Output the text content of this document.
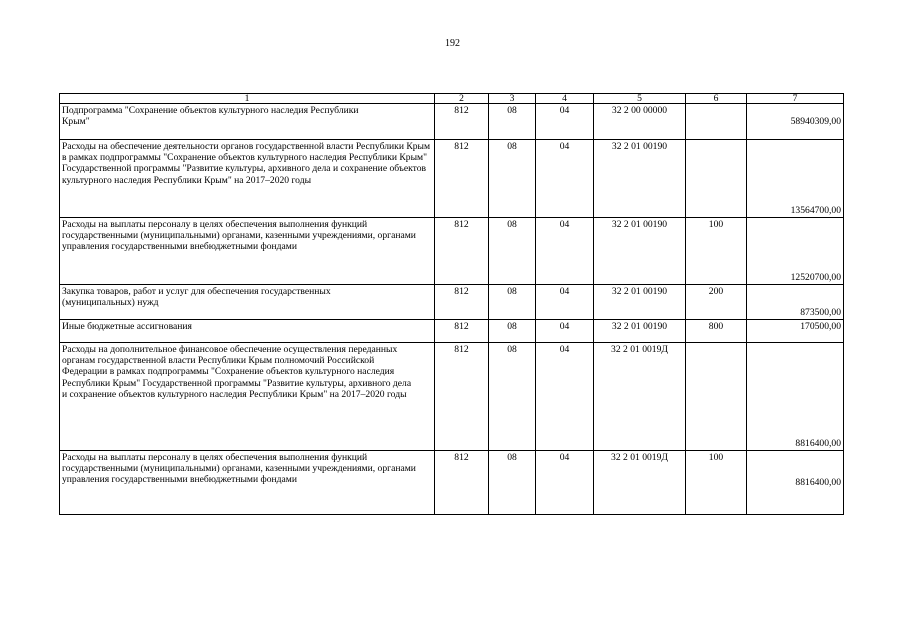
192
1	2	3	4	5	6	7
Подпрограмма "Сохранение объектов культурного наследия Республики Крым"	812	08	04	32 2 00 00000		58940309,00
Расходы на обеспечение деятельности органов государственной власти Республики Крым в рамках подпрограммы "Сохранение объектов культурного наследия Республики Крым" Государственной программы "Развитие культуры, архивного дела и сохранение объектов культурного наследия Республики Крым" на 2017–2020 годы	812	08	04	32 2 01 00190		13564700,00
Расходы на выплаты персоналу в целях обеспечения выполнения функций государственными (муниципальными) органами, казенными учреждениями, органами управления государственными внебюджетными фондами	812	08	04	32 2 01 00190	100	12520700,00
Закупка товаров, работ и услуг для обеспечения государственных (муниципальных) нужд	812	08	04	32 2 01 00190	200	873500,00
Иные бюджетные ассигнования	812	08	04	32 2 01 00190	800	170500,00
Расходы на дополнительное финансовое обеспечение осуществления переданных органам государственной власти Республики Крым полномочий Российской Федерации в рамках подпрограммы "Сохранение объектов культурного наследия Республики Крым" Государственной программы "Развитие культуры, архивного дела и сохранение объектов культурного наследия Республики Крым" на 2017–2020 годы	812	08	04	32 2 01 0019Д		8816400,00
Расходы на выплаты персоналу в целях обеспечения выполнения функций государственными (муниципальными) органами, казенными учреждениями, органами управления государственными внебюджетными фондами	812	08	04	32 2 01 0019Д	100	8816400,00
